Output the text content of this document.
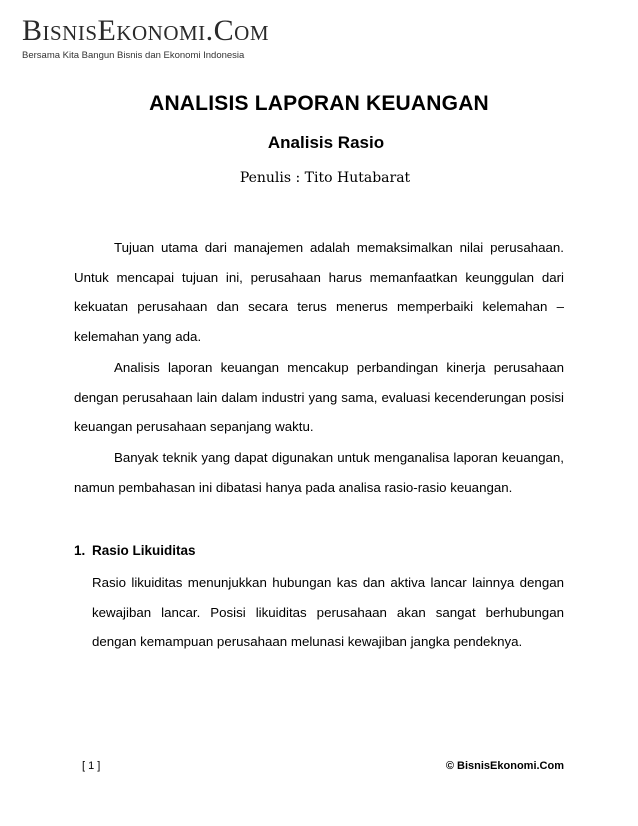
BisnisEkonomi.Com
Bersama Kita Bangun Bisnis dan Ekonomi Indonesia
ANALISIS LAPORAN KEUANGAN
Analisis Rasio
Penulis : Tito Hutabarat

Tujuan utama dari manajemen adalah memaksimalkan nilai perusahaan. Untuk mencapai tujuan ini, perusahaan harus memanfaatkan keunggulan dari kekuatan perusahaan dan secara terus menerus memperbaiki kelemahan – kelemahan yang ada.

Analisis laporan keuangan mencakup perbandingan kinerja perusahaan dengan perusahaan lain dalam industri yang sama, evaluasi kecenderungan posisi keuangan perusahaan sepanjang waktu.

Banyak teknik yang dapat digunakan untuk menganalisa laporan keuangan, namun pembahasan ini dibatasi hanya pada analisa rasio-rasio keuangan.

1. Rasio Likuiditas

Rasio likuiditas menunjukkan hubungan kas dan aktiva lancar lainnya dengan kewajiban lancar. Posisi likuiditas perusahaan akan sangat berhubungan dengan kemampuan perusahaan melunasi kewajiban jangka pendeknya.

[ 1 ]	© BisnisEkonomi.Com
